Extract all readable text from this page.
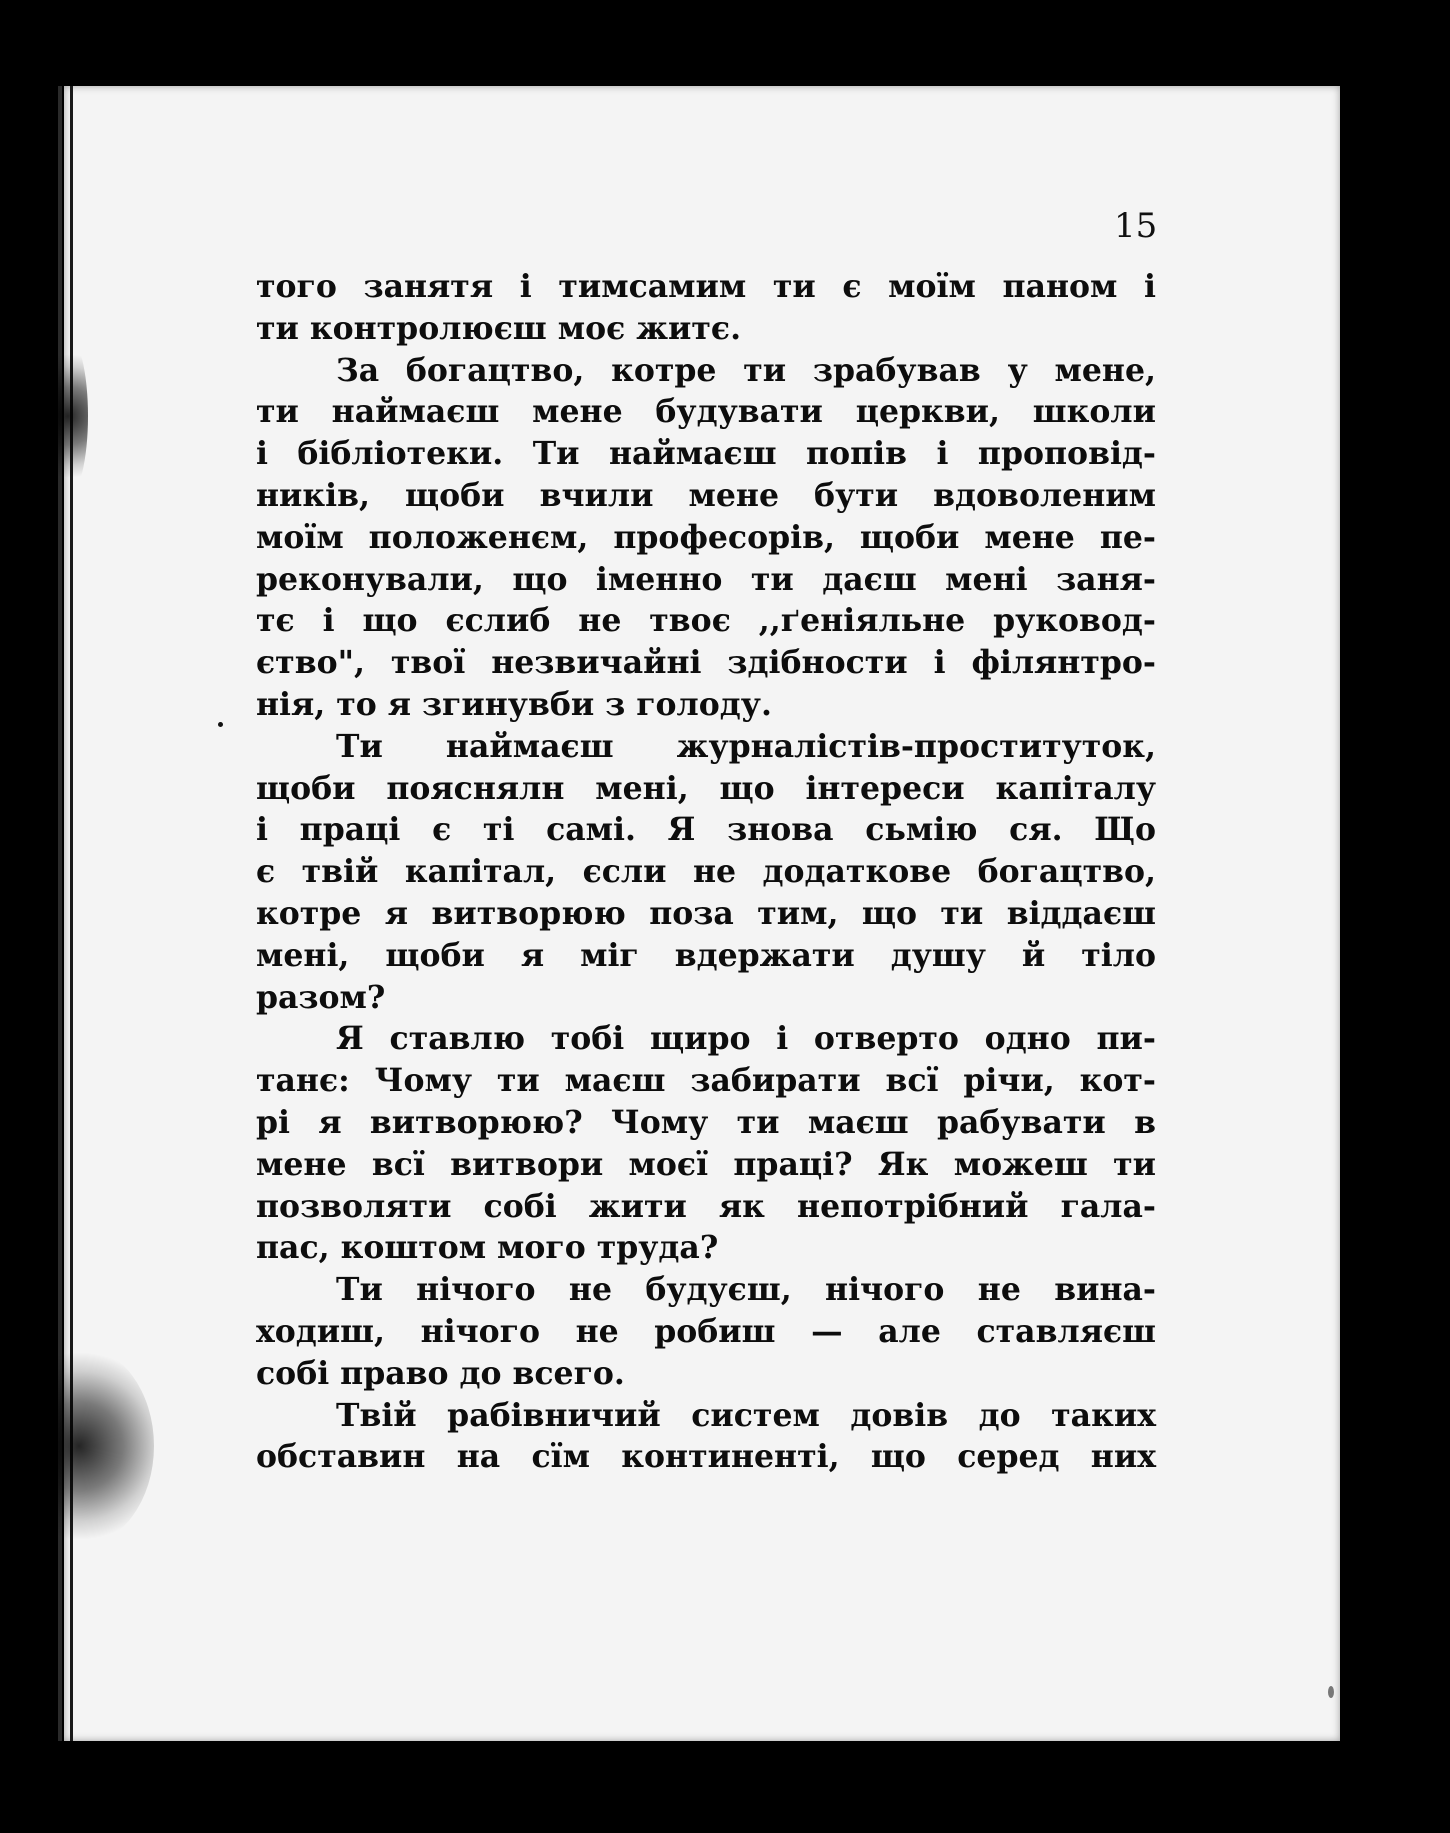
15
того занятя і тимсамим ти є моїм паном і
ти контролюєш моє житє.
За богацтво, котре ти зрабував у мене,
ти наймаєш мене будувати церкви, школи
і бібліотеки. Ти наймаєш попів і проповід-
ників, щоби вчили мене бути вдоволеним
моїм положенєм, професорів, щоби мене пе-
реконували, що іменно ти даєш мені заня-
тє і що єслиб не твоє ,,ґеніяльне руковод-
єтво", твої незвичайні здібности і філянтро-
нія, то я згинувби з голоду.
Ти наймаєш журналістів-проститутoк,
щоби пояснялн мені, що інтереси капіталу
і праці є ті самі. Я знова сьмію ся. Що
є твій капітал, єсли не додаткове богацтво,
котре я витворюю поза тим, що ти віддаєш
мені, щоби я міг вдержати душу й тіло
разом?
Я ставлю тобі щиро і отверто одно пи-
танє: Чому ти маєш забирати всї річи, кот-
рі я витворюю? Чому ти маєш рабувати в
мене всї витвори моєї праці? Як можеш ти
позволяти собі жити як непотрібний гала-
пас, коштом мого труда?
Ти нічого не будуєш, нічого не вина-
ходиш, нічого не робиш — але ставляєш
собі право до всего.
Твій рабівничий систем довів до таких
обставин на сїм континенті, що серед них
